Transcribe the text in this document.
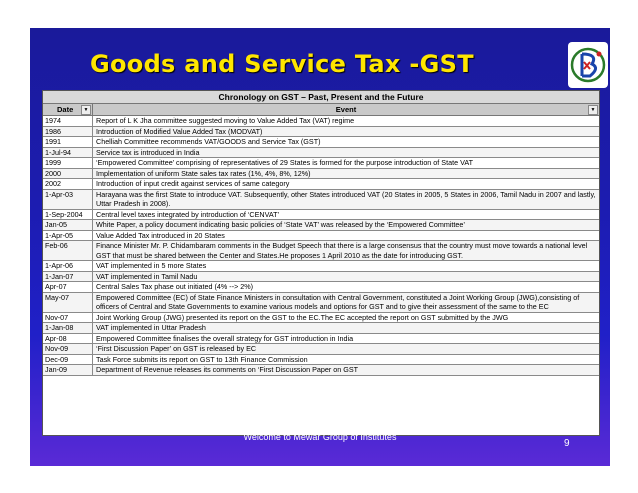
Goods and Service Tax -GST
Chronology on GST – Past, Present and the Future
Date	▼	Event	▼
1974	Report of L K Jha committee suggested moving to Value Added Tax (VAT) regime
1986	Introduction of Modified Value Added Tax (MODVAT)
1991	Chelliah Committee recommends VAT/GOODS and Service Tax (GST)
1-Jul-94	Service tax is introduced in India
1999	‘Empowered Committee’ comprising of representatives of 29 States is formed for the purpose introduction of State VAT
2000	Implementation of uniform State sales tax rates (1%, 4%, 8%, 12%)
2002	Introduction of input credit against services of same category
1-Apr-03	Harayana was the first State to introduce VAT. Subsequently, other States introduced VAT (20 States in 2005, 5 States in 2006, Tamil Nadu in 2007 and lastly, Uttar Pradesh in 2008).
1-Sep-2004	Central level taxes integrated by introduction of ‘CENVAT’
Jan-05	White Paper, a policy document indicating basic policies of ‘State VAT’ was released by the ‘Empowered Committee’
1-Apr-05	Value Added Tax introduced in 20 States
Feb-06	Finance Minister Mr. P. Chidambaram comments in the Budget Speech that there is a large consensus that the country must move towards a national level GST that must be shared between the Center and States.He proposes 1 April 2010 as the date for introducing GST.
1-Apr-06	VAT implemented in 5 more States
1-Jan-07	VAT implemented in Tamil Nadu
Apr-07	Central Sales Tax phase out initiated (4% --> 2%)
May-07	Empowered Committee (EC) of State Finance Ministers in consultation with Central Government, constituted a Joint Working Group (JWG),consisting of officers of Central and State Governments to examine various models and options for GST and to give their assessment of the same to the EC
Nov-07	Joint Working Group (JWG) presented its report on the GST to the EC.The EC accepted the report on GST submitted by the JWG
1-Jan-08	VAT implemented in Uttar Pradesh
Apr-08	Empowered Committee finalises the overall strategy for GST introduction in India
Nov-09	‘First Discussion Paper’ on GST is released by EC
Dec-09	Task Force submits its report on GST to 13th Finance Commission
Jan-09	Department of Revenue releases its comments on ‘First Discussion Paper on GST
Welcome to Mewar Group of Institutes
9
